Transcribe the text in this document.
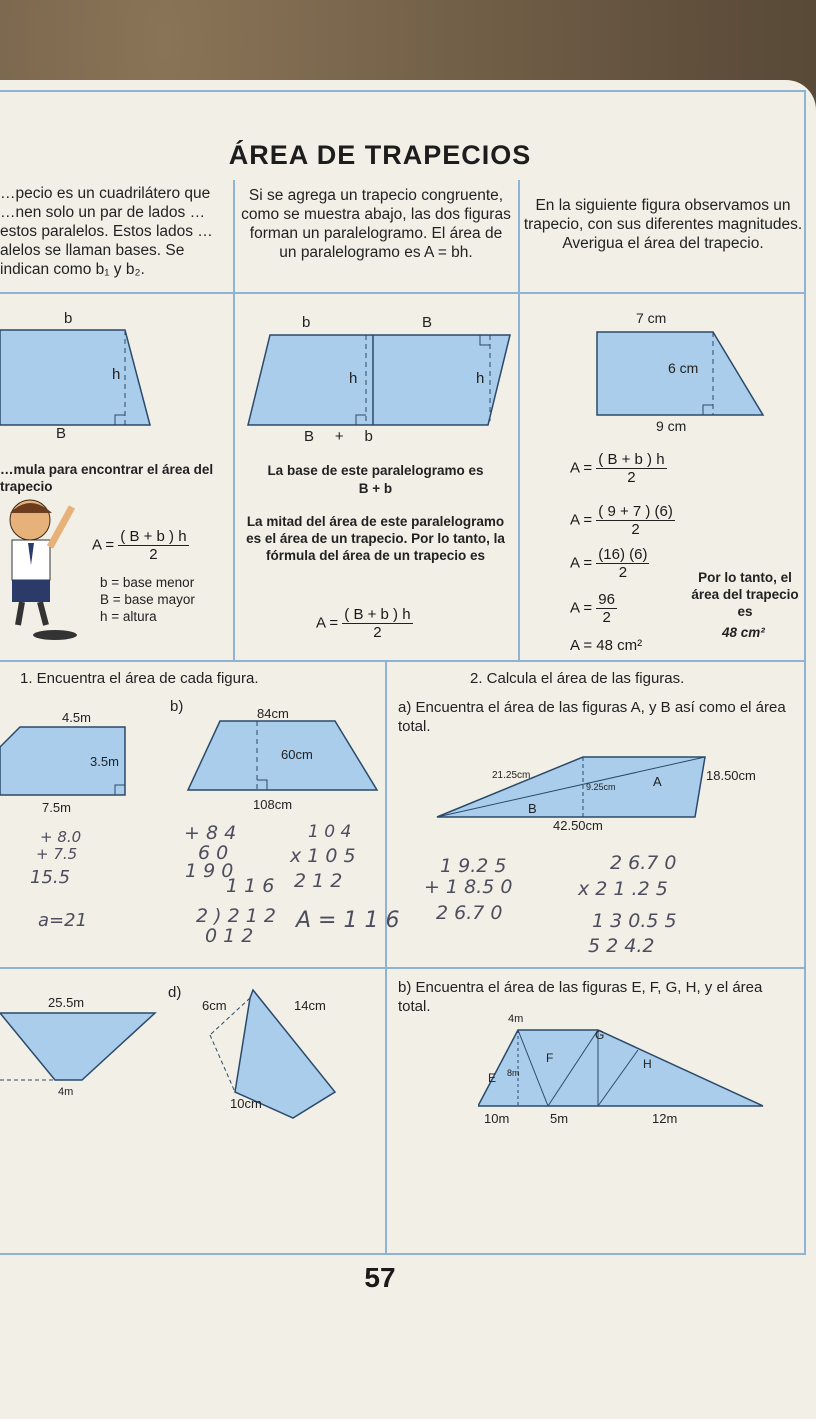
ÁREA DE TRAPECIOS
…pecio es un cuadrilátero que …nen solo un par de lados …estos paralelos. Estos lados …alelos se llaman bases. Se indican como b₁ y b₂.
Si se agrega un trapecio congruente, como se muestra abajo, las dos figuras forman un paralelogramo. El área de un paralelogramo es A = bh.
En la siguiente figura observamos un trapecio, con sus diferentes magnitudes. Averigua el área del trapecio.
b
h
B
b	B
h	h
B     +     b
7 cm
6 cm
9 cm
…mula para encontrar el área del trapecio
$A = \frac{( B + b ) h}{2}$
b = base menor
B = base mayor
h = altura
La base de este paralelogramo es
B + b
La mitad del área de este paralelogramo es el área de un trapecio. Por lo tanto, la fórmula del área de un trapecio es
$A = \frac{( B + b ) h}{2}$
$A = \frac{( B + b ) h}{2}$
$A = \frac{( 9 + 7 ) (6)}{2}$
$A = \frac{(16) (6)}{2}$
$A = \frac{96}{2}$
A = 48 cm²
Por lo tanto, el área del trapecio es
48 cm²
1. Encuentra el área de cada figura.	2. Calcula el área de las figuras.
4.5m
3.5m
7.5m
b)	84cm
60cm
108cm
a) Encuentra el área de las figuras A, y B así como el área total.
21.25cm	18.50cm
42.50cm
9.25cm	A
B
25.5m
4m
d)
6cm	14cm
10cm
b) Encuentra el área de las figuras E, F, G, H, y el área total.
4m
E 8m
F
G
H
10m	5m	12m
+ 8.0
+ 7.5
15.5
a=21
+ 8 4
6 0
1 9 0
1 1 6
2 ) 2 1 2
0 1 2
A = 1 1 6
1 0 4
x 1 0 5
2 1 2
1 9.2 5
+ 1 8.5 0
2 6.7 0
2 6.7 0
x 2 1 .2 5
1 3 0.5 5
5 2 4.2
57
